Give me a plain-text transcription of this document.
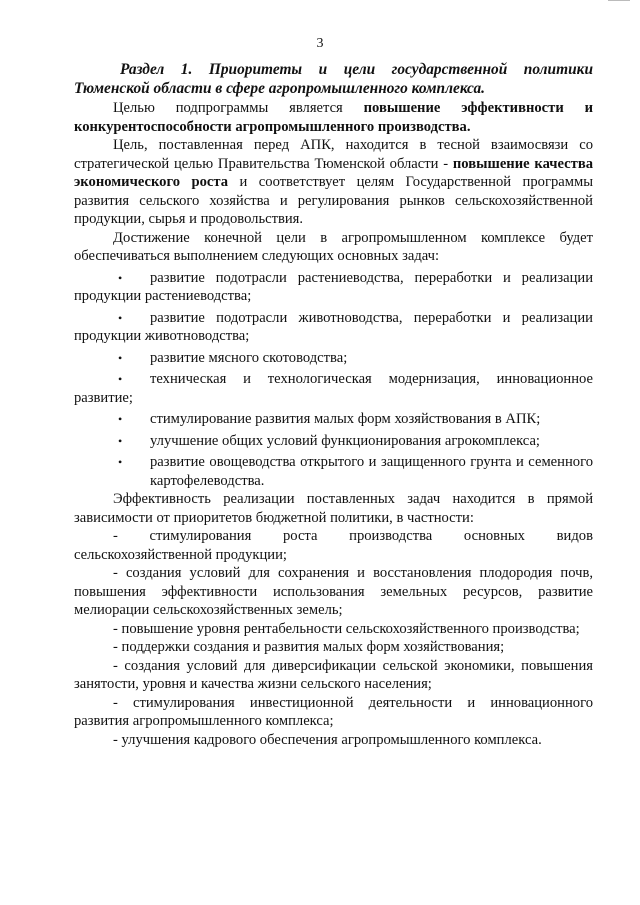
3

Раздел 1. Приоритеты и цели государственной политики Тюменской области в сфере агропромышленного комплекса.

Целью подпрограммы является повышение эффективности и конкурентоспособности агропромышленного производства.

Цель, поставленная перед АПК, находится в тесной взаимосвязи со стратегической целью Правительства Тюменской области - повышение качества экономического роста и соответствует целям Государственной программы развития сельского хозяйства и регулирования рынков сельскохозяйственной продукции, сырья и продовольствия.

Достижение конечной цели в агропромышленном комплексе будет обеспечиваться выполнением следующих основных задач:

• развитие подотрасли растениеводства, переработки и реализации продукции растениеводства;

• развитие подотрасли животноводства, переработки и реализации продукции животноводства;

• развитие мясного скотоводства;

• техническая и технологическая модернизация, инновационное развитие;

• стимулирование развития малых форм хозяйствования в АПК;

• улучшение общих условий функционирования агрокомплекса;

• развитие овощеводства открытого и защищенного грунта и семенного картофелеводства.

Эффективность реализации поставленных задач находится в прямой зависимости от приоритетов бюджетной политики, в частности:

- стимулирования роста производства основных видов сельскохозяйственной продукции;

- создания условий для сохранения и восстановления плодородия почв, повышения эффективности использования земельных ресурсов, развитие мелиорации сельскохозяйственных земель;

- повышение уровня рентабельности сельскохозяйственного производства;

- поддержки создания и развития малых форм хозяйствования;

- создания условий для диверсификации сельской экономики, повышения занятости, уровня и качества жизни сельского населения;

- стимулирования инвестиционной деятельности и инновационного развития агропромышленного комплекса;

- улучшения кадрового обеспечения агропромышленного комплекса.
